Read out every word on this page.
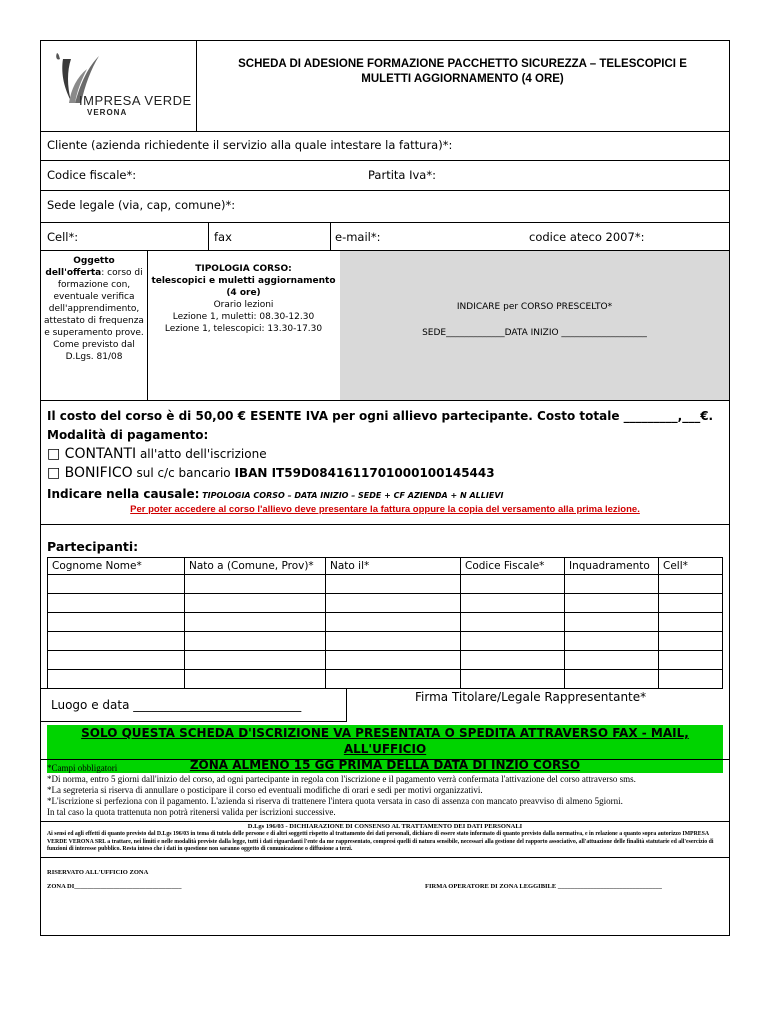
IMPRESA VERDE
VERONA
SCHEDA DI ADESIONE FORMAZIONE PACCHETTO SICUREZZA – TELESCOPICI E
MULETTI AGGIORNAMENTO (4 ORE)
Cliente (azienda richiedente il servizio alla quale intestare la fattura)*:
Codice fiscale*:	Partita Iva*:
Sede legale (via, cap, comune)*:
Cell*:	fax	e-mail*:	codice ateco 2007*:
Oggetto
dell'offerta: corso di formazione con, eventuale verifica dell'apprendimento, attestato di frequenza e superamento prove. Come previsto dal D.Lgs. 81/08
TIPOLOGIA CORSO:
telescopici e muletti aggiornamento
(4 ore)
Orario lezioni
Lezione 1, muletti: 08.30-12.30
Lezione 1, telescopici: 13.30-17.30
INDICARE per CORSO PRESCELTO*
SEDE_____________DATA INIZIO ___________________
Il costo del corso è di 50,00 € ESENTE IVA per ogni allievo partecipante. Costo totale _________,___€.
Modalità di pagamento:
□ CONTANTI all'atto dell'iscrizione
□ BONIFICO sul c/c bancario IBAN IT59D0841611701000100145443
Indicare nella causale: TIPOLOGIA CORSO – DATA INIZIO – SEDE + CF AZIENDA + N ALLIEVI
Per poter accedere al corso l'allievo deve presentare la fattura oppure la copia del versamento alla prima lezione.
Partecipanti:
Cognome Nome*	Nato a (Comune, Prov)*	Nato il*	Codice Fiscale*	Inquadramento	Cell*

Luogo e data ____________________________
Firma Titolare/Legale Rappresentante*
SOLO QUESTA SCHEDA D'ISCRIZIONE VA PRESENTATA O SPEDITA ATTRAVERSO FAX - MAIL, ALL'UFFICIO
ZONA ALMENO 15 GG PRIMA DELLA DATA DI INZIO CORSO
*Campi obbligatori
*Di norma, entro 5 giorni dall'inizio del corso, ad ogni partecipante in regola con l'iscrizione e il pagamento verrà confermata l'attivazione del corso attraverso sms.
*La segreteria si riserva di annullare o posticipare il corso ed eventuali modifiche di orari e sedi per motivi organizzativi.
*L'iscrizione si perfeziona con il pagamento. L'azienda si riserva di trattenere l'intera quota versata in caso di assenza con mancato preavviso di almeno 5giorni.
In tal caso la quota trattenuta non potrà ritenersi valida per iscrizioni successive.
D.Lgs 196/03 - DICHIARAZIONE DI CONSENSO AL TRATTAMENTO DEI DATI PERSONALI
Ai sensi ed agli effetti di quanto previsto dal D.Lgs 196/03 in tema di tutela delle persone e di altri soggetti rispetto al trattamento dei dati personali, dichiaro di essere stato informato di quanto previsto dalla normativa, e in relazione a quanto sopra autorizzo IMPRESA VERDE VERONA SRL a trattare, nei limiti e nelle modalità previste dalla legge, tutti i dati riguardanti l'ente da me rappresentato, compresi quelli di natura sensibile, necessari alla gestione del rapporto associativo, all'attuazione delle finalità statutarie ed all'esercizio di funzioni di interesse pubblico. Resta inteso che i dati in questione non saranno oggetto di comunicazione o diffusione a terzi.
RISERVATO ALL'UFFICIO ZONA
ZONA DI_________________________________	FIRMA OPERATORE DI ZONA LEGGIBILE ________________________________
